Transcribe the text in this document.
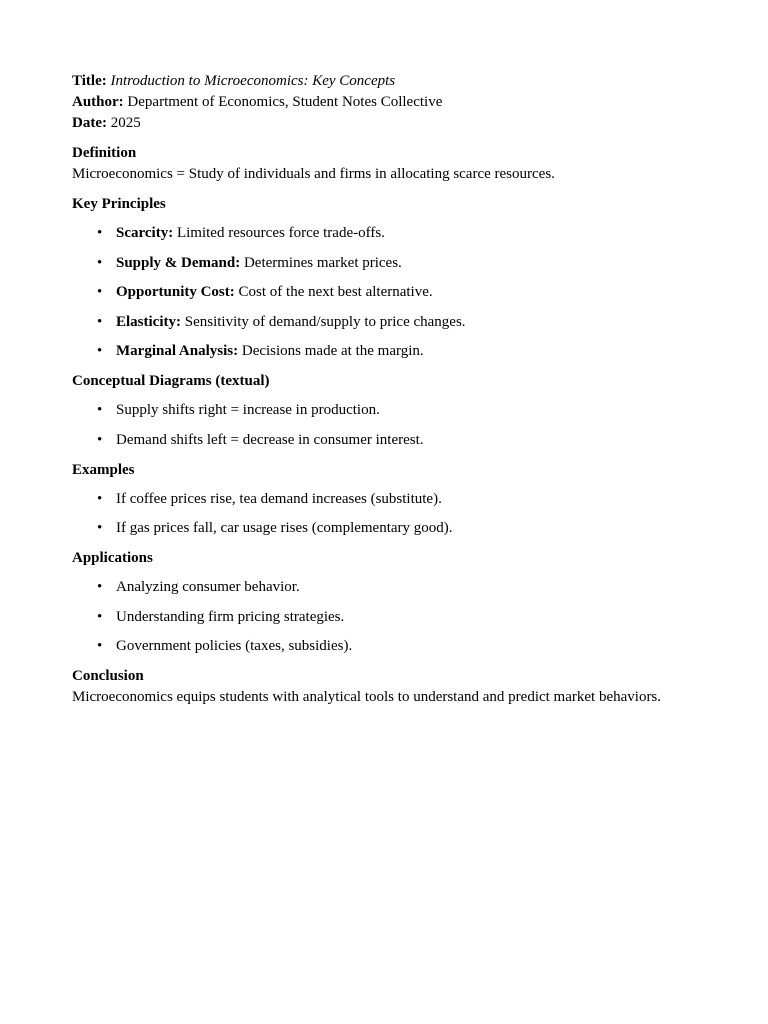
Title: Introduction to Microeconomics: Key Concepts

Author: Department of Economics, Student Notes Collective

Date: 2025

Definition

Microeconomics = Study of individuals and firms in allocating scarce resources.

Key Principles

• Scarcity: Limited resources force trade-offs.
• Supply & Demand: Determines market prices.
• Opportunity Cost: Cost of the next best alternative.
• Elasticity: Sensitivity of demand/supply to price changes.
• Marginal Analysis: Decisions made at the margin.

Conceptual Diagrams (textual)

• Supply shifts right = increase in production.
• Demand shifts left = decrease in consumer interest.

Examples

• If coffee prices rise, tea demand increases (substitute).
• If gas prices fall, car usage rises (complementary good).

Applications

• Analyzing consumer behavior.
• Understanding firm pricing strategies.
• Government policies (taxes, subsidies).

Conclusion

Microeconomics equips students with analytical tools to understand and predict market behaviors.
